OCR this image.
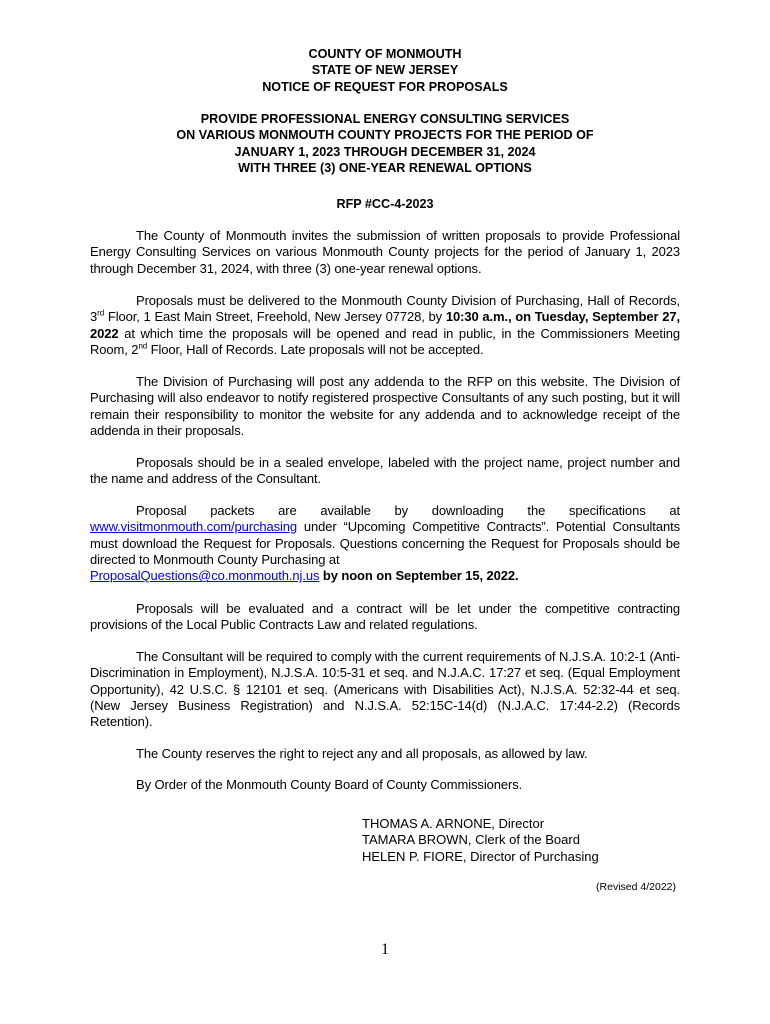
COUNTY OF MONMOUTH
STATE OF NEW JERSEY
NOTICE OF REQUEST FOR PROPOSALS
PROVIDE PROFESSIONAL ENERGY CONSULTING SERVICES
ON VARIOUS MONMOUTH COUNTY PROJECTS FOR THE PERIOD OF
JANUARY 1, 2023 THROUGH DECEMBER 31, 2024
WITH THREE (3) ONE-YEAR RENEWAL OPTIONS
RFP #CC-4-2023

The County of Monmouth invites the submission of written proposals to provide Professional Energy Consulting Services on various Monmouth County projects for the period of January 1, 2023 through December 31, 2024, with three (3) one-year renewal options.

Proposals must be delivered to the Monmouth County Division of Purchasing, Hall of Records, 3rd Floor, 1 East Main Street, Freehold, New Jersey 07728, by 10:30 a.m., on Tuesday, September 27, 2022 at which time the proposals will be opened and read in public, in the Commissioners Meeting Room, 2nd Floor, Hall of Records. Late proposals will not be accepted.

The Division of Purchasing will post any addenda to the RFP on this website. The Division of Purchasing will also endeavor to notify registered prospective Consultants of any such posting, but it will remain their responsibility to monitor the website for any addenda and to acknowledge receipt of the addenda in their proposals.

Proposals should be in a sealed envelope, labeled with the project name, project number and the name and address of the Consultant.

Proposal packets are available by downloading the specifications at
www.visitmonmouth.com/purchasing under “Upcoming Competitive Contracts”. Potential Consultants must download the Request for Proposals. Questions concerning the Request for Proposals should be directed to Monmouth County Purchasing at
ProposalQuestions@co.monmouth.nj.us by noon on September 15, 2022.

Proposals will be evaluated and a contract will be let under the competitive contracting provisions of the Local Public Contracts Law and related regulations.

The Consultant will be required to comply with the current requirements of N.J.S.A. 10:2-1 (Anti-Discrimination in Employment), N.J.S.A. 10:5-31 et seq. and N.J.A.C. 17:27 et seq. (Equal Employment Opportunity), 42 U.S.C. § 12101 et seq. (Americans with Disabilities Act), N.J.S.A. 52:32-44 et seq. (New Jersey Business Registration) and N.J.S.A. 52:15C-14(d) (N.J.A.C. 17:44-2.2) (Records Retention).

The County reserves the right to reject any and all proposals, as allowed by law.

By Order of the Monmouth County Board of County Commissioners.

THOMAS A. ARNONE, Director
TAMARA BROWN, Clerk of the Board
HELEN P. FIORE, Director of Purchasing

(Revised 4/2022)

1
